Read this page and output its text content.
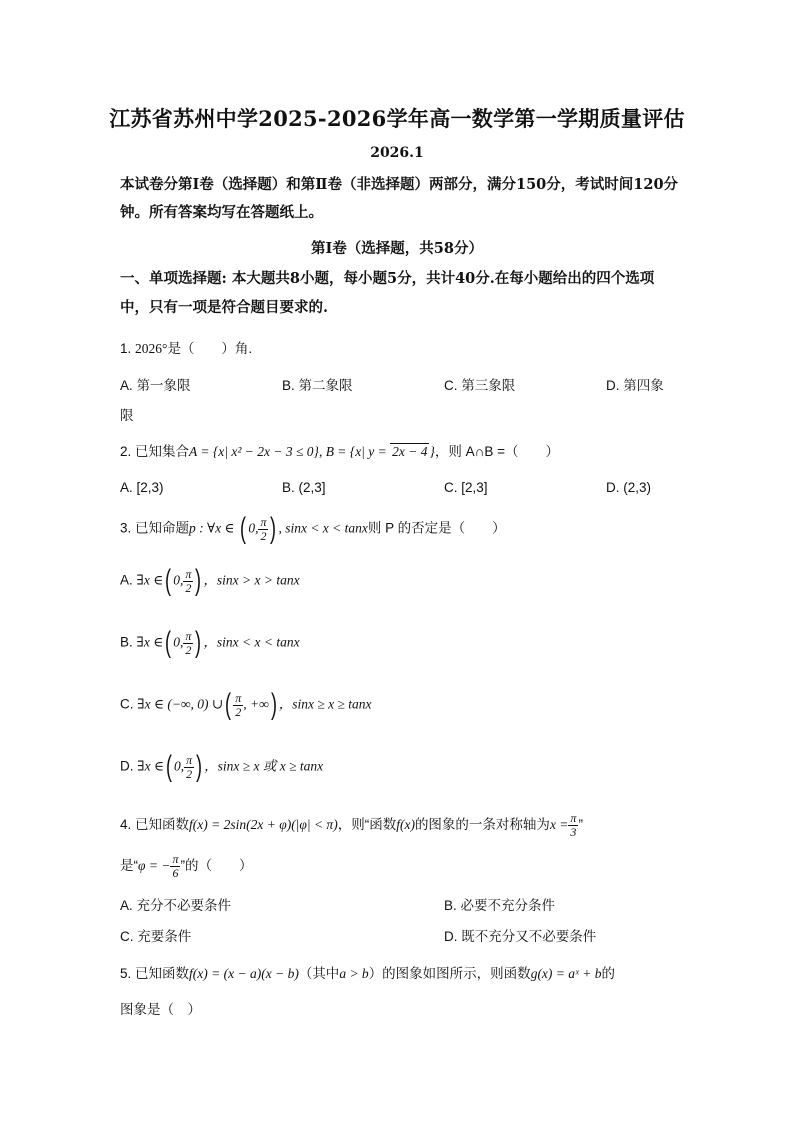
江苏省苏州中学2025-2026学年高一数学第一学期质量评估
2026.1
本试卷分第Ⅰ卷（选择题）和第Ⅱ卷（非选择题）两部分，满分150分，考试时间120分钟。所有答案均写在答题纸上。
第Ⅰ卷（选择题，共58分）
一、单项选择题: 本大题共8小题，每小题5分，共计40分.在每小题给出的四个选项中，只有一项是符合题目要求的.
1. 2026°是（　　）角.
A. 第一象限	B. 第二象限	C. 第三象限	D. 第四象
限
2. 已知集合A = {x| x² − 2x − 3 ≤ 0}, B = {x| y = 2x − 4 }，则 A∩B =（　　）
A. [2,3)	B. (2,3]	C. [2,3]	D. (2,3)
3. 已知命题p : ∀x ∈ ( 0, $\frac{\pi}{2}$ ) , sinx < x < tanx则 P 的否定是（　　）
A. ∃x ∈( 0, $\frac{\pi}{2}$ ) ，sinx > x > tanx
B. ∃x ∈( 0, $\frac{\pi}{2}$ ) ，sinx < x < tanx
C. ∃x ∈ (−∞, 0) ∪( $\frac{\pi}{2}$ , +∞) ，sinx ≥ x ≥ tanx
D. ∃x ∈( 0, $\frac{\pi}{2}$ ) ，sinx ≥ x 或 x ≥ tanx
4. 已知函数f(x) = 2sin(2x + φ)(|φ| < π)，则“函数f(x)的图象的一条对称轴为$x = \frac{\pi}{3}$ ”
是“φ = − $\frac{\pi}{6}$ ”的（　　）
A. 充分不必要条件	B. 必要不充分条件
C. 充要条件	D. 既不充分又不必要条件
5. 已知函数f(x) = (x − a)(x − b)（其中a > b）的图象如图所示，则函数g(x) = aˣ + b的
图象是（　）
